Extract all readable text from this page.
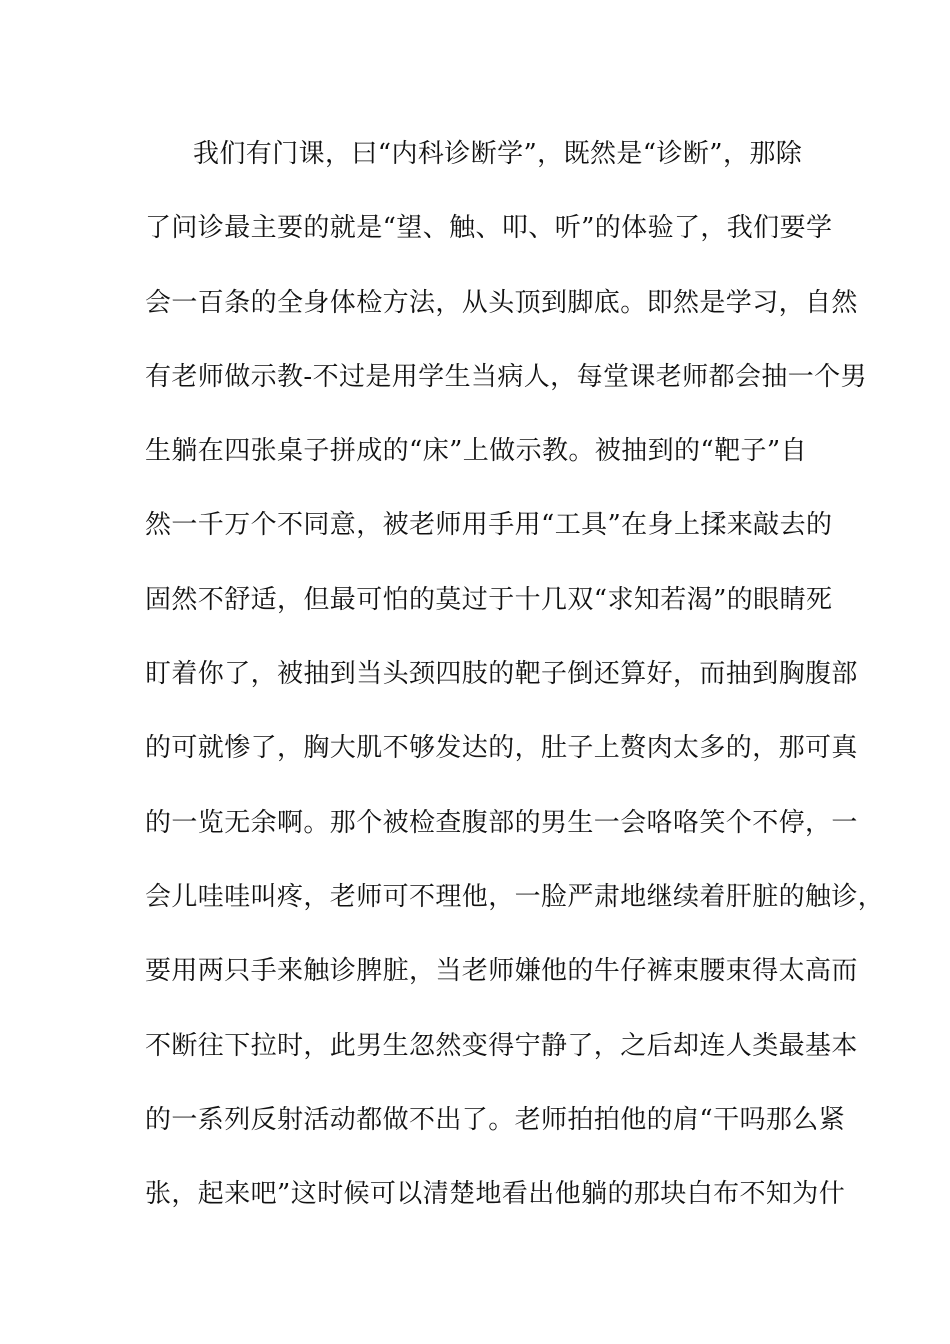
我们有门课，曰“内科诊断学”，既然是“诊断”，那除
了问诊最主要的就是“望、触、叩、听”的体验了，我们要学
会一百条的全身体检方法，从头顶到脚底。即然是学习，自然
有老师做示教-不过是用学生当病人，每堂课老师都会抽一个男
生躺在四张桌子拼成的“床”上做示教。被抽到的“靶子”自
然一千万个不同意，被老师用手用“工具”在身上揉来敲去的
固然不舒适，但最可怕的莫过于十几双“求知若渴”的眼睛死
盯着你了，被抽到当头颈四肢的靶子倒还算好，而抽到胸腹部
的可就惨了，胸大肌不够发达的，肚子上赘肉太多的，那可真
的一览无余啊。那个被检查腹部的男生一会咯咯笑个不停，一
会儿哇哇叫疼，老师可不理他，一脸严肃地继续着肝脏的触诊，
要用两只手来触诊脾脏，当老师嫌他的牛仔裤束腰束得太高而
不断往下拉时，此男生忽然变得宁静了，之后却连人类最基本
的一系列反射活动都做不出了。老师拍拍他的肩“干吗那么紧
张，起来吧”这时候可以清楚地看出他躺的那块白布不知为什
